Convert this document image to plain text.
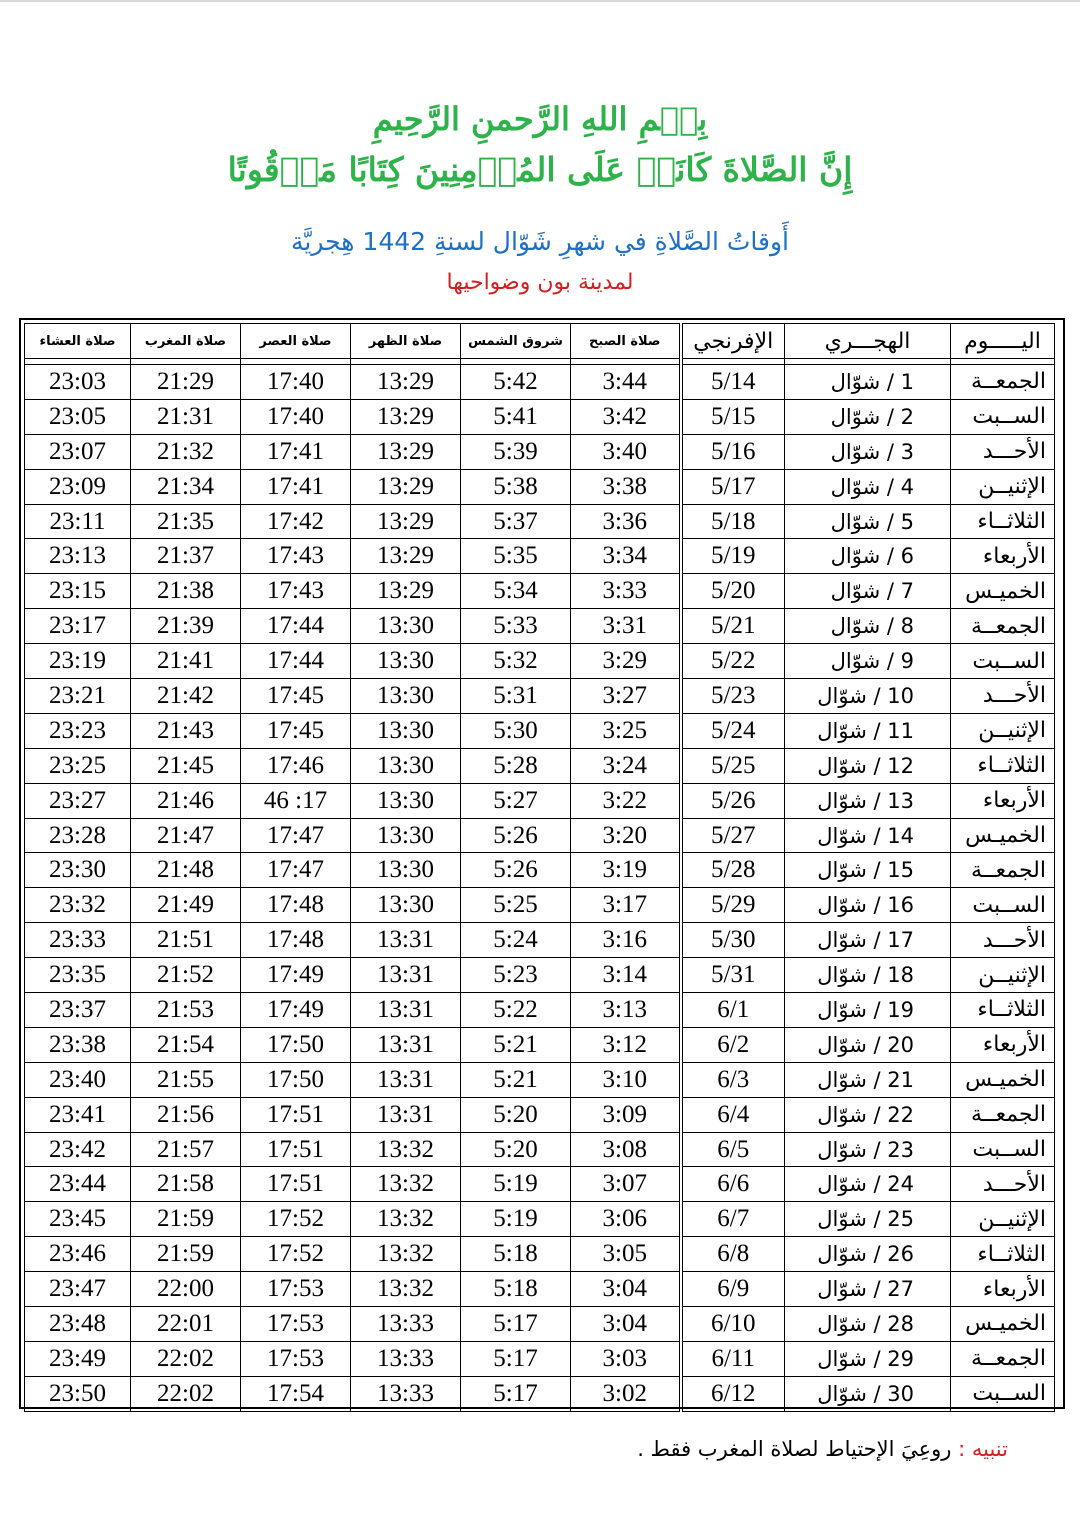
بِسۡمِ اللهِ الرَّحمنِ الرَّحِيمِ
إِنَّ الصَّلاةَ كَانَتۡ عَلَى المُؤۡمِنِينَ كِتَابًا مَوۡقُوتًا
أَوقاتُ الصَّلاةِ في شهرِ شَوّال لسنةِ 1442 هِجريَّة
لمدينة بون وضواحيها
اليـــــوم	الهجـــري	الإفرنجي	صلاة الصبح	شروق الشمس	صلاة الظهر	صلاة العصر	صلاة المغرب	صلاة العشاء

الجمعــة	1 / شوّال	5/14	3:44	5:42	13:29	17:40	21:29	23:03
الســبت	2 / شوّال	5/15	3:42	5:41	13:29	17:40	21:31	23:05
الأحـــد	3 / شوّال	5/16	3:40	5:39	13:29	17:41	21:32	23:07
الإثنيــن	4 / شوّال	5/17	3:38	5:38	13:29	17:41	21:34	23:09
الثلاثــاء	5 / شوّال	5/18	3:36	5:37	13:29	17:42	21:35	23:11
الأربعاء	6 / شوّال	5/19	3:34	5:35	13:29	17:43	21:37	23:13
الخميـس	7 / شوّال	5/20	3:33	5:34	13:29	17:43	21:38	23:15
الجمعــة	8 / شوّال	5/21	3:31	5:33	13:30	17:44	21:39	23:17
الســبت	9 / شوّال	5/22	3:29	5:32	13:30	17:44	21:41	23:19
الأحـــد	10 / شوّال	5/23	3:27	5:31	13:30	17:45	21:42	23:21
الإثنيــن	11 / شوّال	5/24	3:25	5:30	13:30	17:45	21:43	23:23
الثلاثــاء	12 / شوّال	5/25	3:24	5:28	13:30	17:46	21:45	23:25
الأربعاء	13 / شوّال	5/26	3:22	5:27	13:30	17: 46	21:46	23:27
الخميـس	14 / شوّال	5/27	3:20	5:26	13:30	17:47	21:47	23:28
الجمعــة	15 / شوّال	5/28	3:19	5:26	13:30	17:47	21:48	23:30
الســبت	16 / شوّال	5/29	3:17	5:25	13:30	17:48	21:49	23:32
الأحـــد	17 / شوّال	5/30	3:16	5:24	13:31	17:48	21:51	23:33
الإثنيــن	18 / شوّال	5/31	3:14	5:23	13:31	17:49	21:52	23:35
الثلاثــاء	19 / شوّال	6/1	3:13	5:22	13:31	17:49	21:53	23:37
الأربعاء	20 / شوّال	6/2	3:12	5:21	13:31	17:50	21:54	23:38
الخميـس	21 / شوّال	6/3	3:10	5:21	13:31	17:50	21:55	23:40
الجمعــة	22 / شوّال	6/4	3:09	5:20	13:31	17:51	21:56	23:41
الســبت	23 / شوّال	6/5	3:08	5:20	13:32	17:51	21:57	23:42
الأحـــد	24 / شوّال	6/6	3:07	5:19	13:32	17:51	21:58	23:44
الإثنيــن	25 / شوّال	6/7	3:06	5:19	13:32	17:52	21:59	23:45
الثلاثــاء	26 / شوّال	6/8	3:05	5:18	13:32	17:52	21:59	23:46
الأربعاء	27 / شوّال	6/9	3:04	5:18	13:32	17:53	22:00	23:47
الخميـس	28 / شوّال	6/10	3:04	5:17	13:33	17:53	22:01	23:48
الجمعــة	29 / شوّال	6/11	3:03	5:17	13:33	17:53	22:02	23:49
الســبت	30 / شوّال	6/12	3:02	5:17	13:33	17:54	22:02	23:50
تنبيه : روعِيَ الإحتياط لصلاة المغرب فقط .
